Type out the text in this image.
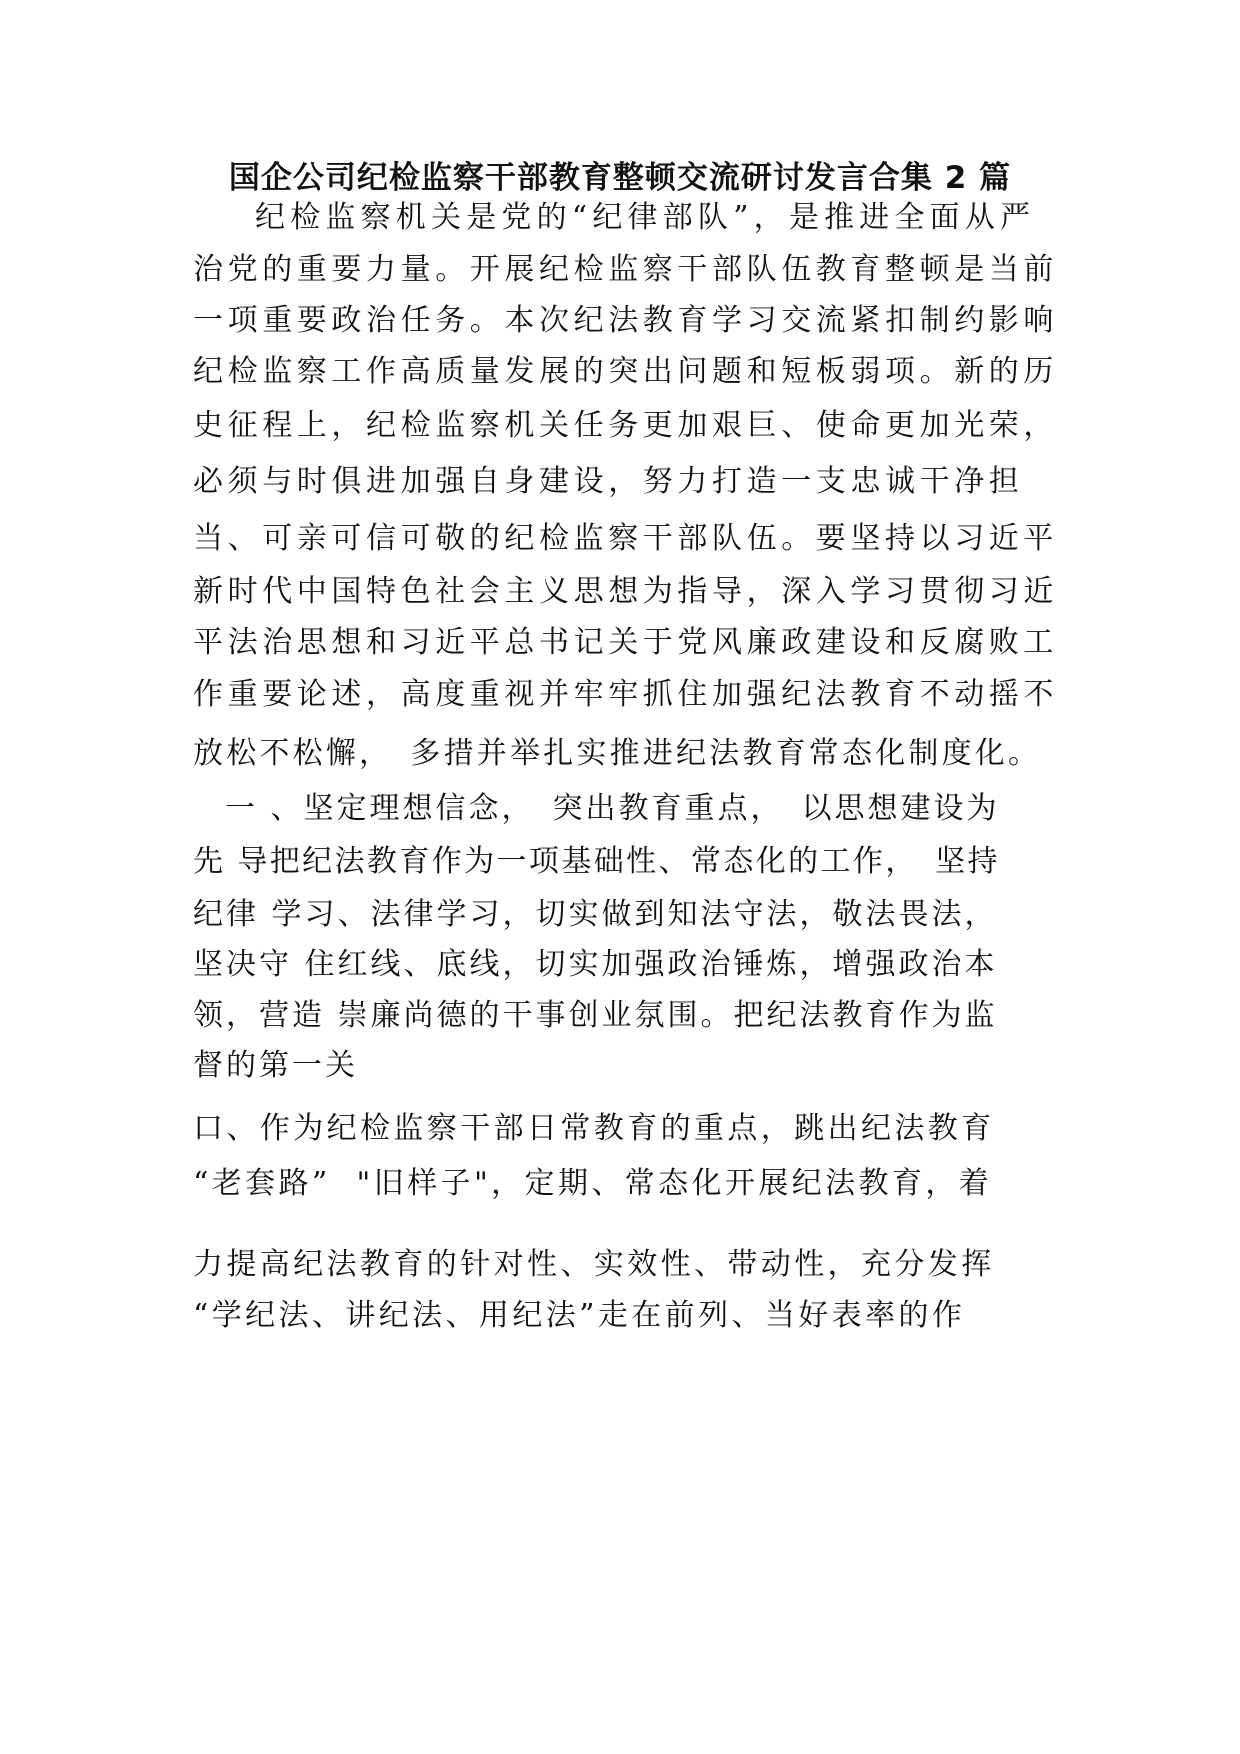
国企公司纪检监察干部教育整顿交流研讨发言合集 2 篇
纪检监察机关是党的“纪律部队”，是推进全面从严
治党的重要力量。开展纪检监察干部队伍教育整顿是当前
一项重要政治任务。本次纪法教育学习交流紧扣制约影响
纪检监察工作高质量发展的突出问题和短板弱项。新的历
史征程上，纪检监察机关任务更加艰巨、使命更加光荣，
必须与时俱进加强自身建设，努力打造一支忠诚干净担
当、可亲可信可敬的纪检监察干部队伍。要坚持以习近平
新时代中国特色社会主义思想为指导，深入学习贯彻习近
平法治思想和习近平总书记关于党风廉政建设和反腐败工
作重要论述，高度重视并牢牢抓住加强纪法教育不动摇不
放松不松懈，　多措并举扎实推进纪法教育常态化制度化。
一 、坚定理想信念，　突出教育重点，　以思想建设为
先 导把纪法教育作为一项基础性、常态化的工作，　坚持
纪律 学习、法律学习，切实做到知法守法，敬法畏法，
坚决守 住红线、底线，切实加强政治锤炼，增强政治本
领，营造 崇廉尚德的干事创业氛围。把纪法教育作为监
督的第一关
口、作为纪检监察干部日常教育的重点，跳出纪法教育
“老套路”  "旧样子"，定期、常态化开展纪法教育，着
力提高纪法教育的针对性、实效性、带动性，充分发挥
“学纪法、讲纪法、用纪法”走在前列、当好表率的作
